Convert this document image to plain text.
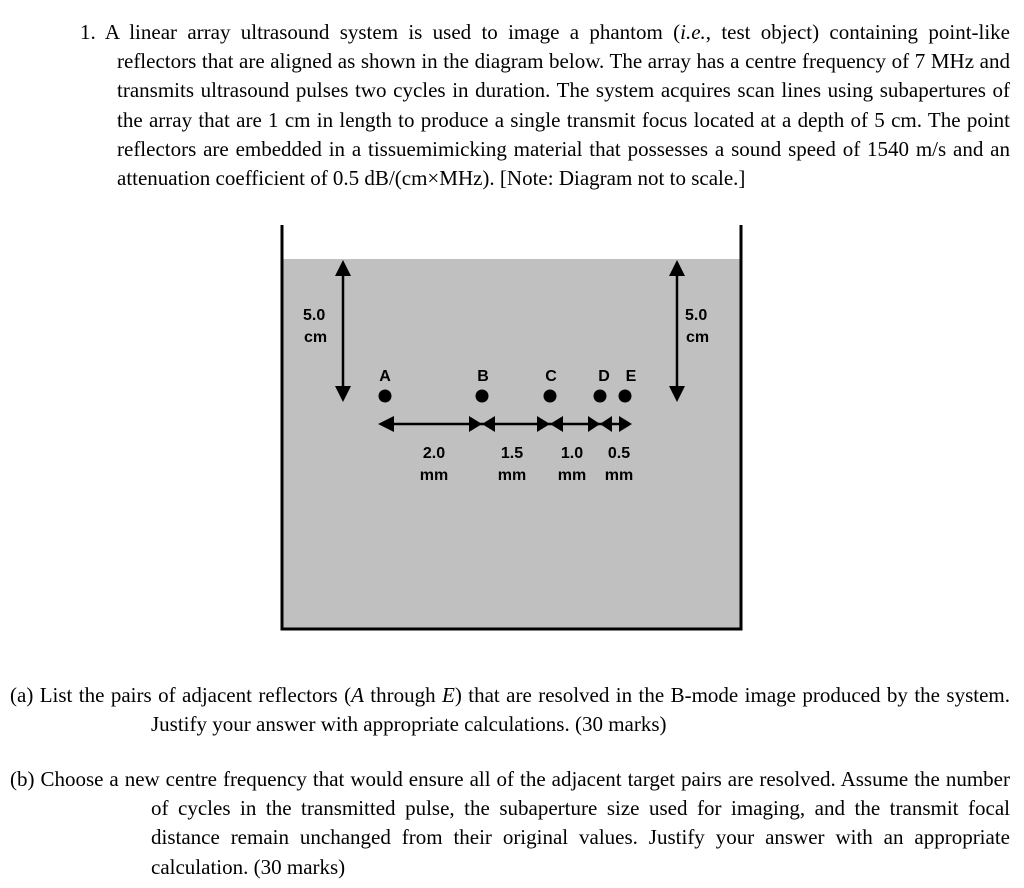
1. A linear array ultrasound system is used to image a phantom (i.e., test object) containing point-like reflectors that are aligned as shown in the diagram below. The array has a centre frequency of 7 MHz and transmits ultrasound pulses two cycles in duration. The system acquires scan lines using subapertures of the array that are 1 cm in length to produce a single transmit focus located at a depth of 5 cm. The point reflectors are embedded in a tissuemimicking material that possesses a sound speed of 1540 m/s and an attenuation coefficient of 0.5 dB/(cm×MHz). [Note: Diagram not to scale.]

5.0
cm
5.0
cm
A	B	C	D E
2.0
mm
1.5
mm
1.0
mm
0.5
mm

(a) List the pairs of adjacent reflectors (A through E) that are resolved in the B-mode image produced by the system. Justify your answer with appropriate calculations. (30 marks)

(b) Choose a new centre frequency that would ensure all of the adjacent target pairs are resolved. Assume the number of cycles in the transmitted pulse, the subaperture size used for imaging, and the transmit focal distance remain unchanged from their original values. Justify your answer with an appropriate calculation. (30 marks)
